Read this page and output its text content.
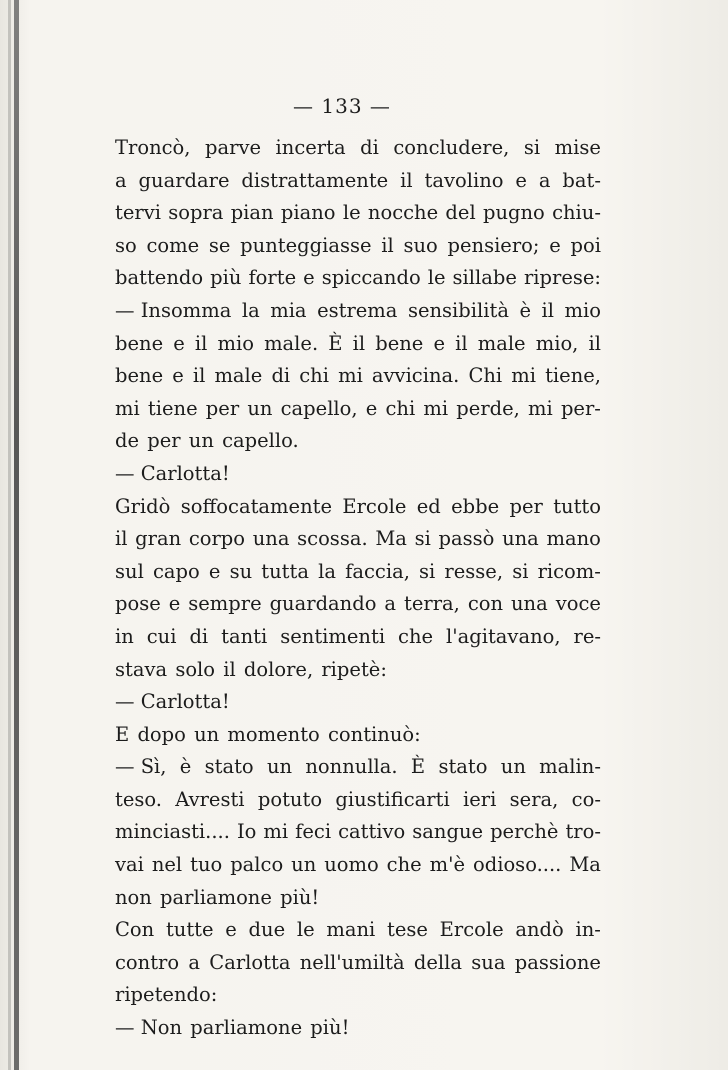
— 133 —
Troncò, parve incerta di concludere, si mise
a guardare distrattamente il tavolino e a bat-
tervi sopra pian piano le nocche del pugno chiu-
so come se punteggiasse il suo pensiero; e poi
battendo più forte e spiccando le sillabe riprese:
— Insomma la mia estrema sensibilità è il mio
bene e il mio male. È il bene e il male mio, il
bene e il male di chi mi avvicina. Chi mi tiene,
mi tiene per un capello, e chi mi perde, mi per-
de per un capello.
— Carlotta!
Gridò soffocatamente Ercole ed ebbe per tutto
il gran corpo una scossa. Ma si passò una mano
sul capo e su tutta la faccia, si resse, si ricom-
pose e sempre guardando a terra, con una voce
in cui di tanti sentimenti che l'agitavano, re-
stava solo il dolore, ripetè:
— Carlotta!
E dopo un momento continuò:
— Sì, è stato un nonnulla. È stato un malin-
teso. Avresti potuto giustificarti ieri sera, co-
minciasti.... Io mi feci cattivo sangue perchè tro-
vai nel tuo palco un uomo che m'è odioso.... Ma
non parliamone più!
Con tutte e due le mani tese Ercole andò in-
contro a Carlotta nell'umiltà della sua passione
ripetendo:
— Non parliamone più!
